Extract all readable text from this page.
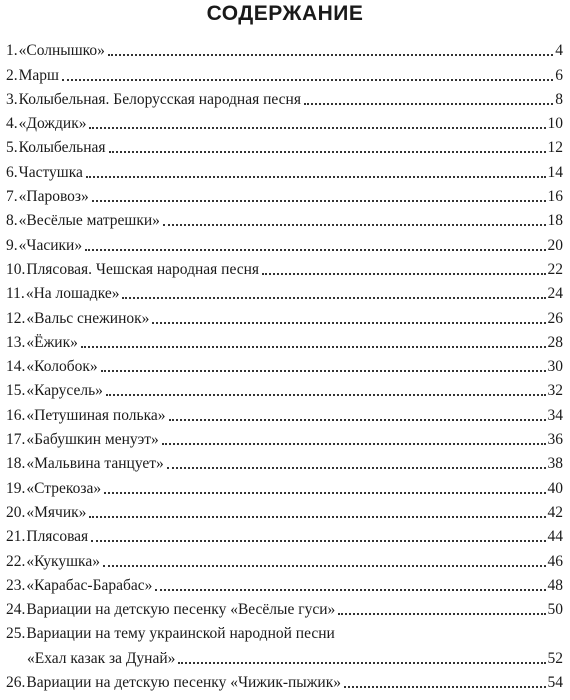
СОДЕРЖАНИЕ
1. «Солнышко»	4
2. Марш	6
3. Колыбельная. Белорусская народная песня	8
4. «Дождик»	10
5. Колыбельная	12
6. Частушка	14
7. «Паровоз»	16
8. «Весёлые матрешки»	18
9. «Часики»	20
10. Плясовая. Чешская народная песня	22
11. «На лошадке»	24
12. «Вальс снежинок»	26
13. «Ёжик»	28
14. «Колобок»	30
15. «Карусель»	32
16. «Петушиная полька»	34
17. «Бабушкин менуэт»	36
18. «Мальвина танцует»	38
19. «Стрекоза»	40
20. «Мячик»	42
21. Плясовая	44
22. «Кукушка»	46
23. «Карабас-Барабас»	48
24. Вариации на детскую песенку «Весёлые гуси»	50
25. Вариации на тему украинской народной песни
«Ехал казак за Дунай»	52
26. Вариации на детскую песенку «Чижик-пыжик»	54
